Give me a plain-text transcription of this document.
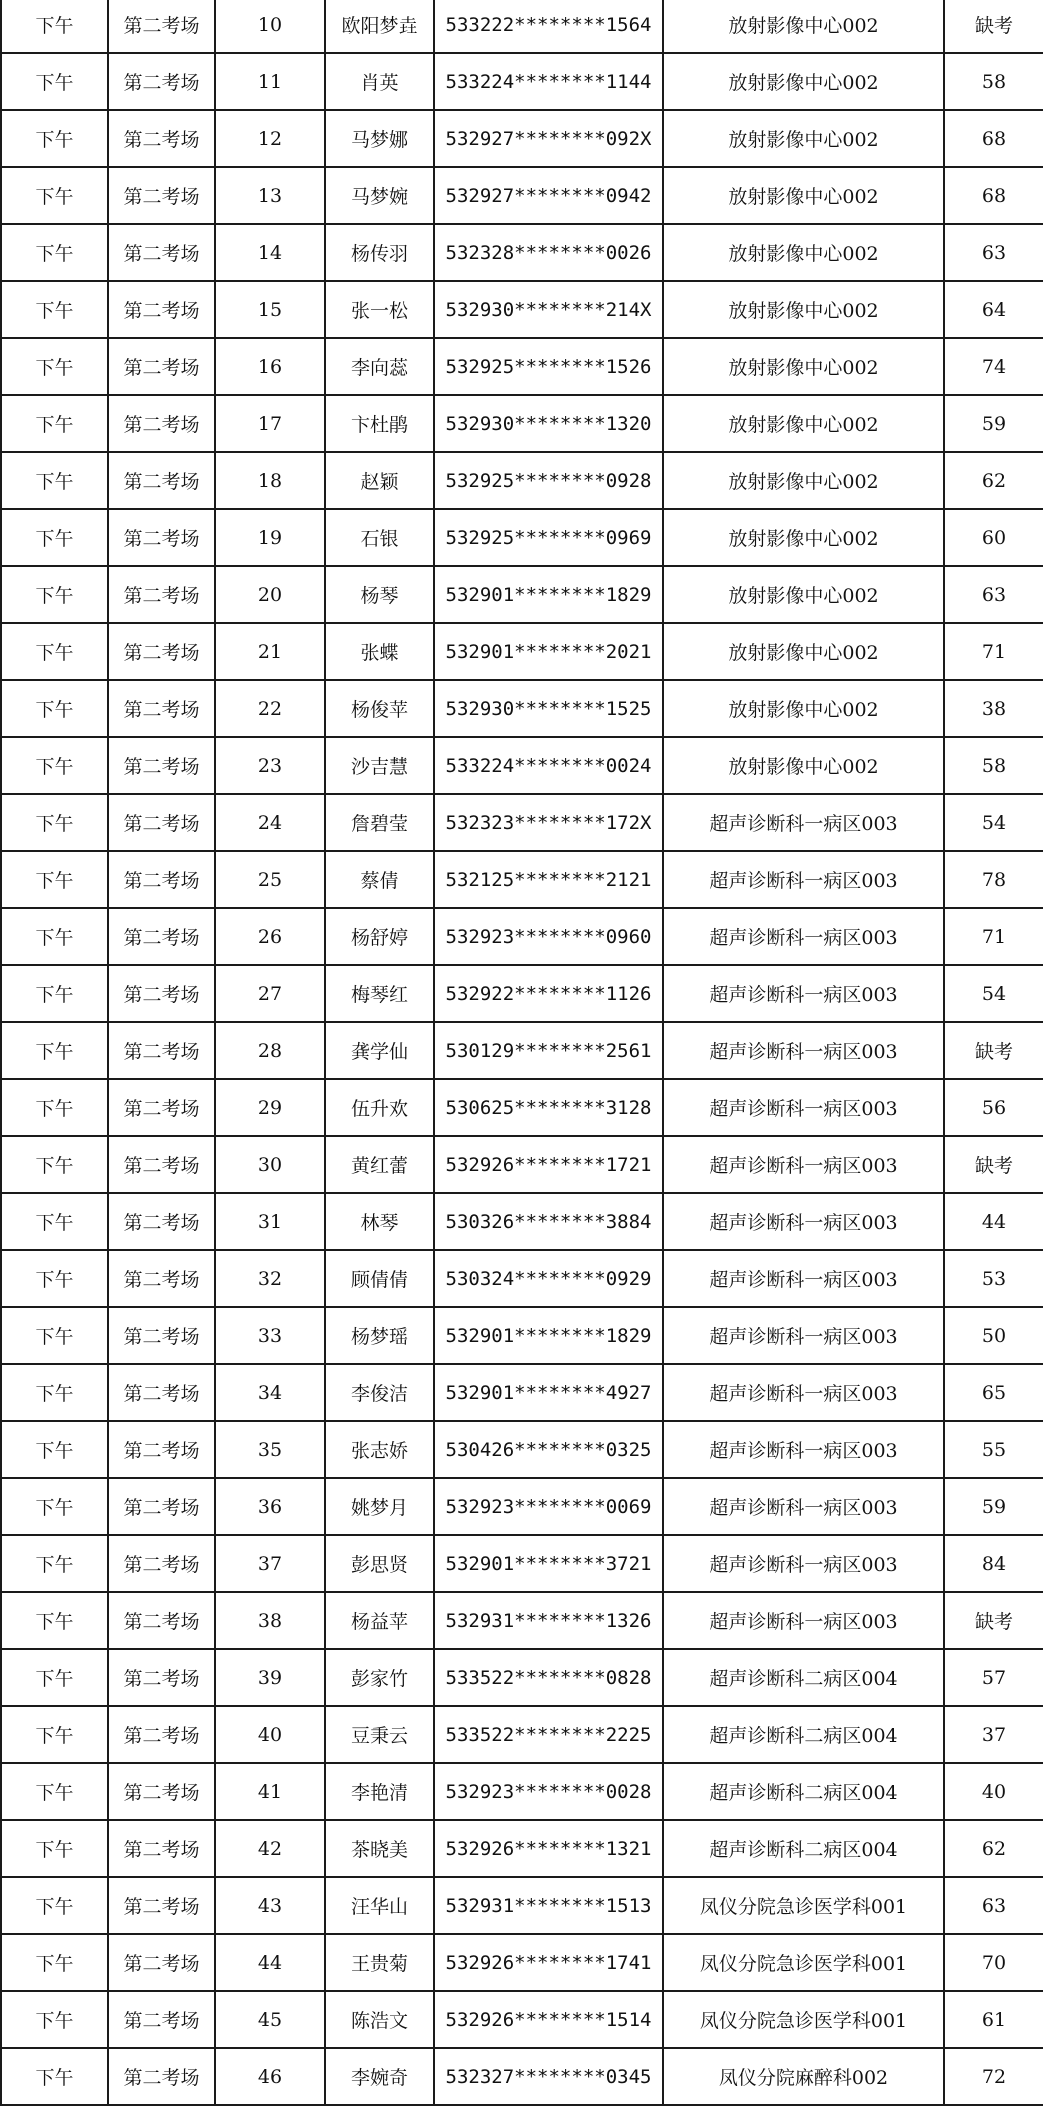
下午	第二考场	10	欧阳梦垚	533222********1564	放射影像中心002	缺考
下午	第二考场	11	肖英	533224********1144	放射影像中心002	58
下午	第二考场	12	马梦娜	532927********092X	放射影像中心002	68
下午	第二考场	13	马梦婉	532927********0942	放射影像中心002	68
下午	第二考场	14	杨传羽	532328********0026	放射影像中心002	63
下午	第二考场	15	张一松	532930********214X	放射影像中心002	64
下午	第二考场	16	李向蕊	532925********1526	放射影像中心002	74
下午	第二考场	17	卞杜鹃	532930********1320	放射影像中心002	59
下午	第二考场	18	赵颖	532925********0928	放射影像中心002	62
下午	第二考场	19	石银	532925********0969	放射影像中心002	60
下午	第二考场	20	杨琴	532901********1829	放射影像中心002	63
下午	第二考场	21	张蝶	532901********2021	放射影像中心002	71
下午	第二考场	22	杨俊苹	532930********1525	放射影像中心002	38
下午	第二考场	23	沙吉慧	533224********0024	放射影像中心002	58
下午	第二考场	24	詹碧莹	532323********172X	超声诊断科一病区003	54
下午	第二考场	25	蔡倩	532125********2121	超声诊断科一病区003	78
下午	第二考场	26	杨舒婷	532923********0960	超声诊断科一病区003	71
下午	第二考场	27	梅琴红	532922********1126	超声诊断科一病区003	54
下午	第二考场	28	龚学仙	530129********2561	超声诊断科一病区003	缺考
下午	第二考场	29	伍升欢	530625********3128	超声诊断科一病区003	56
下午	第二考场	30	黄红蕾	532926********1721	超声诊断科一病区003	缺考
下午	第二考场	31	林琴	530326********3884	超声诊断科一病区003	44
下午	第二考场	32	顾倩倩	530324********0929	超声诊断科一病区003	53
下午	第二考场	33	杨梦瑶	532901********1829	超声诊断科一病区003	50
下午	第二考场	34	李俊洁	532901********4927	超声诊断科一病区003	65
下午	第二考场	35	张志娇	530426********0325	超声诊断科一病区003	55
下午	第二考场	36	姚梦月	532923********0069	超声诊断科一病区003	59
下午	第二考场	37	彭思贤	532901********3721	超声诊断科一病区003	84
下午	第二考场	38	杨益苹	532931********1326	超声诊断科一病区003	缺考
下午	第二考场	39	彭家竹	533522********0828	超声诊断科二病区004	57
下午	第二考场	40	豆秉云	533522********2225	超声诊断科二病区004	37
下午	第二考场	41	李艳清	532923********0028	超声诊断科二病区004	40
下午	第二考场	42	茶晓美	532926********1321	超声诊断科二病区004	62
下午	第二考场	43	汪华山	532931********1513	凤仪分院急诊医学科001	63
下午	第二考场	44	王贵菊	532926********1741	凤仪分院急诊医学科001	70
下午	第二考场	45	陈浩文	532926********1514	凤仪分院急诊医学科001	61
下午	第二考场	46	李婉奇	532327********0345	凤仪分院麻醉科002	72
